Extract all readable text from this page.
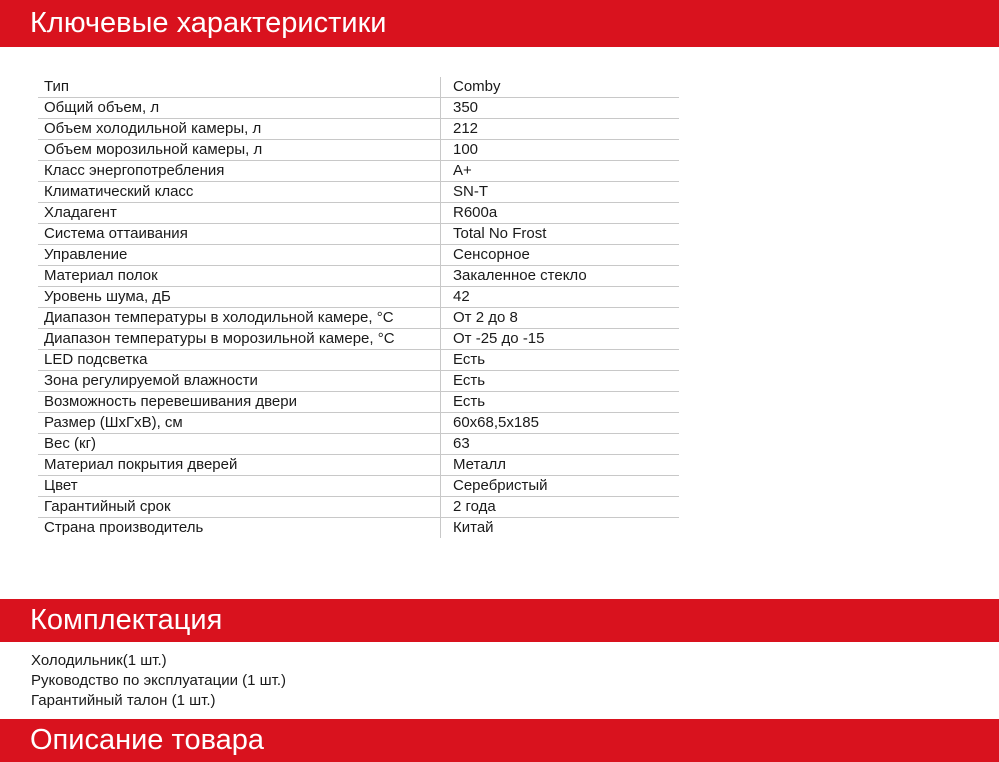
Ключевые характеристики
Тип	Comby
Общий объем, л	350
Объем холодильной камеры, л	212
Объем морозильной камеры, л	100
Класс энергопотребления	A+
Климатический класс	SN-T
Хладагент	R600a
Система оттаивания	Total No Frost
Управление	Сенсорное
Материал полок	Закаленное стекло
Уровень шума, дБ	42
Диапазон температуры в холодильной камере, °С	От 2 до 8
Диапазон температуры в морозильной камере, °С	От -25 до -15
LED подсветка	Есть
Зона регулируемой влажности	Есть
Возможность перевешивания двери	Есть
Размер (ШхГхВ), см	60х68,5х185
Вес (кг)	63
Материал покрытия дверей	Металл
Цвет	Серебристый
Гарантийный срок	2 года
Страна производитель	Китай
Комплектация
Холодильник(1 шт.)
Руководство по эксплуатации (1 шт.)
Гарантийный талон (1 шт.)
Описание товара
